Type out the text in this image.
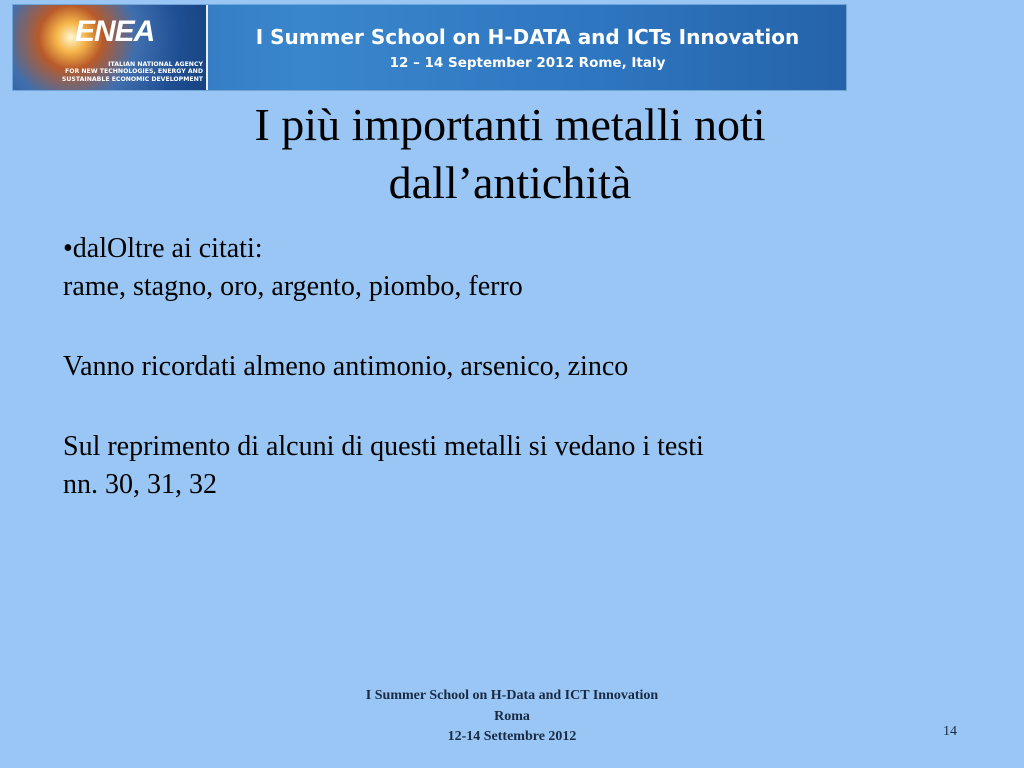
ENEA
ITALIAN NATIONAL AGENCY
FOR NEW TECHNOLOGIES, ENERGY AND
SUSTAINABLE ECONOMIC DEVELOPMENT
I Summer School on H-DATA and ICTs Innovation
12 – 14 September 2012 Rome, Italy
I più importanti metalli noti
dall’antichità
•dalOltre ai citati:
rame, stagno, oro, argento, piombo, ferro
Vanno ricordati almeno antimonio, arsenico, zinco
Sul reprimento di alcuni di questi metalli si vedano i testi
nn. 30, 31, 32
I Summer School on H-Data and ICT Innovation
Roma
12-14 Settembre 2012	14
